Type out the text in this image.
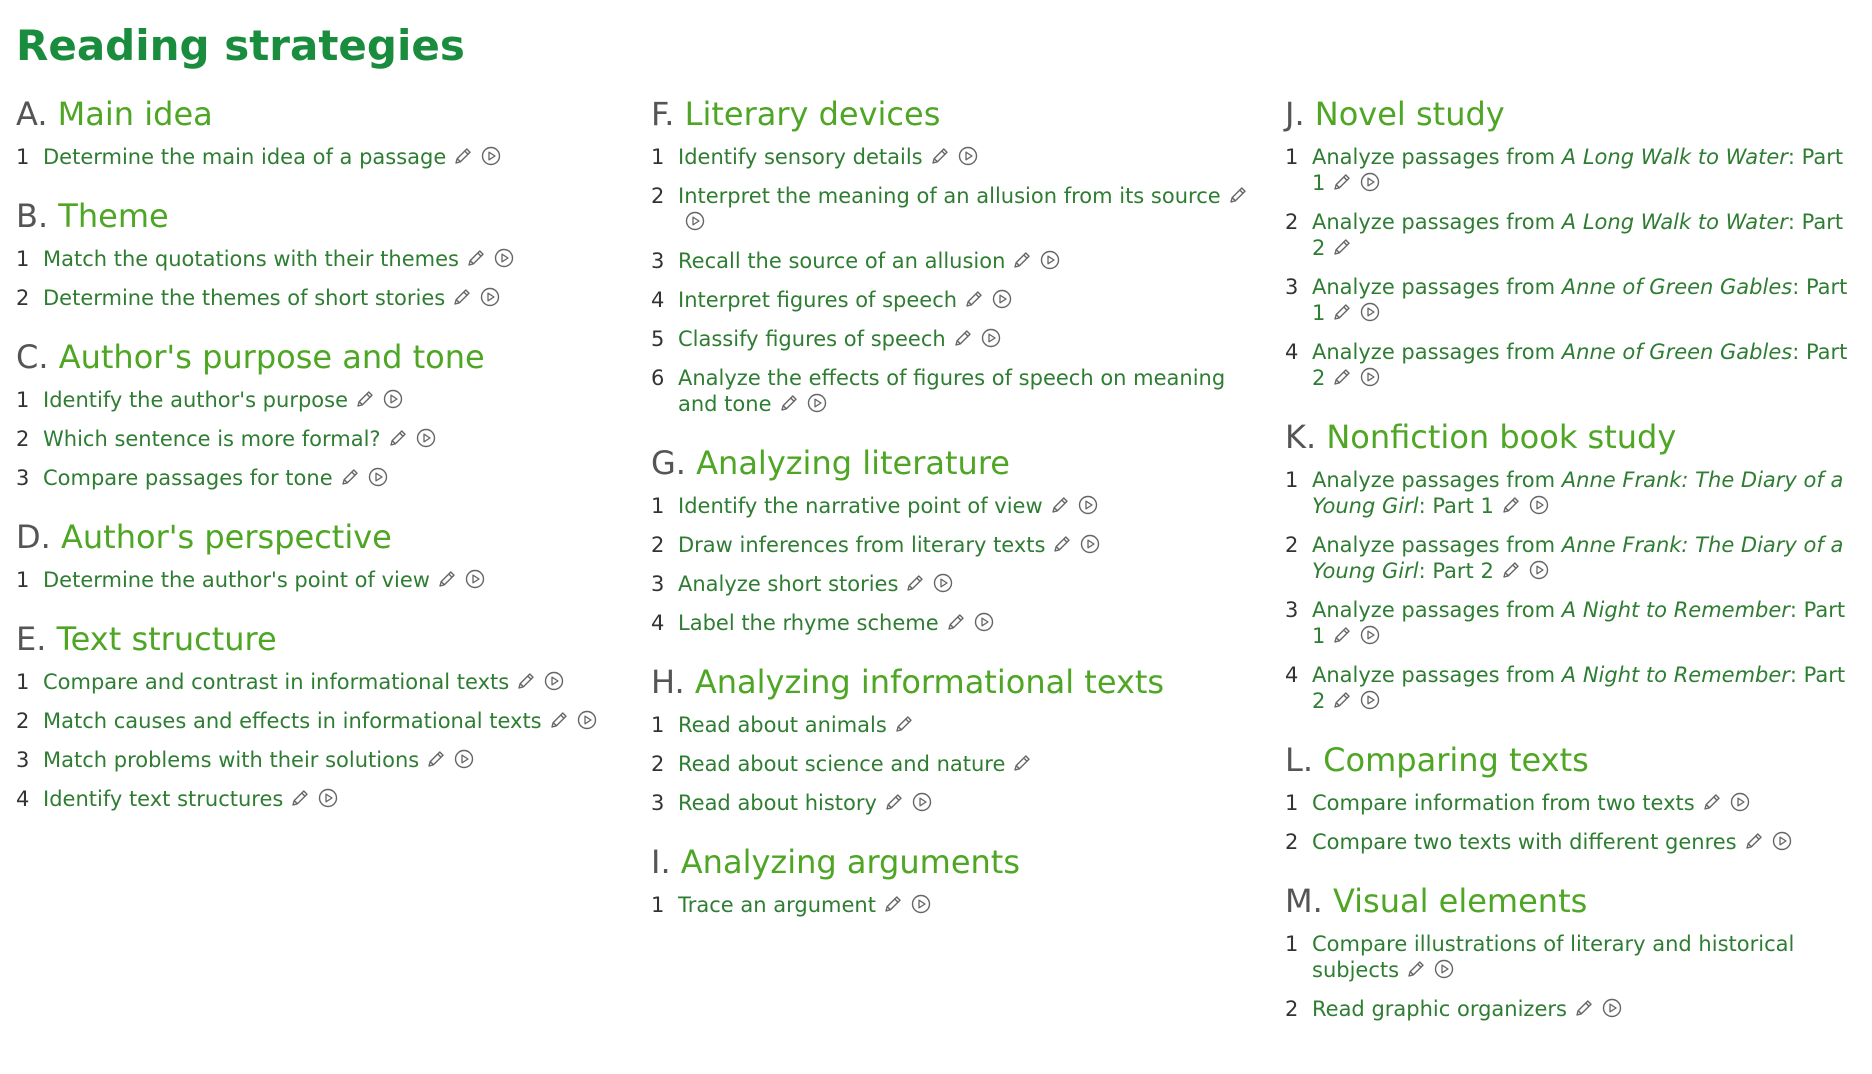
Reading strategies
A. Main idea
1 Determine the main idea of a passage
B. Theme
1 Match the quotations with their themes
2 Determine the themes of short stories
C. Author's purpose and tone
1 Identify the author's purpose
2 Which sentence is more formal?
3 Compare passages for tone
D. Author's perspective
1 Determine the author's point of view
E. Text structure
1 Compare and contrast in informational texts
2 Match causes and effects in informational texts
3 Match problems with their solutions
4 Identify text structures
F. Literary devices
1 Identify sensory details
2 Interpret the meaning of an allusion from its source
3 Recall the source of an allusion
4 Interpret figures of speech
5 Classify figures of speech
6 Analyze the effects of figures of speech on meaning and tone
G. Analyzing literature
1 Identify the narrative point of view
2 Draw inferences from literary texts
3 Analyze short stories
4 Label the rhyme scheme
H. Analyzing informational texts
1 Read about animals
2 Read about science and nature
3 Read about history
I. Analyzing arguments
1 Trace an argument
J. Novel study
1 Analyze passages from A Long Walk to Water: Part 1
2 Analyze passages from A Long Walk to Water: Part 2
3 Analyze passages from Anne of Green Gables: Part 1
4 Analyze passages from Anne of Green Gables: Part 2
K. Nonfiction book study
1 Analyze passages from Anne Frank: The Diary of a Young Girl: Part 1
2 Analyze passages from Anne Frank: The Diary of a Young Girl: Part 2
3 Analyze passages from A Night to Remember: Part 1
4 Analyze passages from A Night to Remember: Part 2
L. Comparing texts
1 Compare information from two texts
2 Compare two texts with different genres
M. Visual elements
1 Compare illustrations of literary and historical subjects
2 Read graphic organizers
